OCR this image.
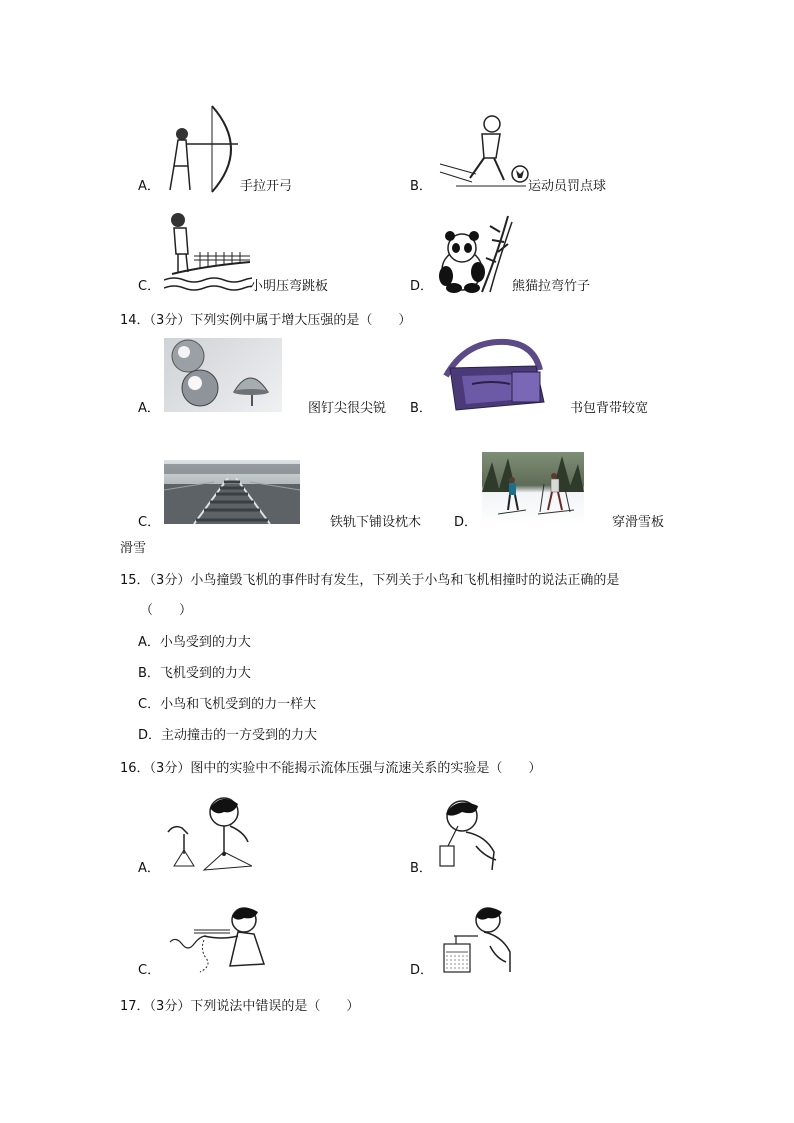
A．	手拉开弓	B．	运动员罚点球
C．	小明压弯跳板	D．	熊猫拉弯竹子
14．（3分）下列实例中属于增大压强的是（　　）
A．	图钉尖很尖锐 B．	书包背带较宽
C．	铁轨下铺设枕木	D．	穿滑雪板
滑雪
15．（3分）小鸟撞毁飞机的事件时有发生，下列关于小鸟和飞机相撞时的说法正确的是
（　　）
A．小鸟受到的力大
B．飞机受到的力大
C．小鸟和飞机受到的力一样大
D．主动撞击的一方受到的力大
16．（3分）图中的实验中不能揭示流体压强与流速关系的实验是（　　）
A．	B．
C．	D．
17．（3分）下列说法中错误的是（　　）
